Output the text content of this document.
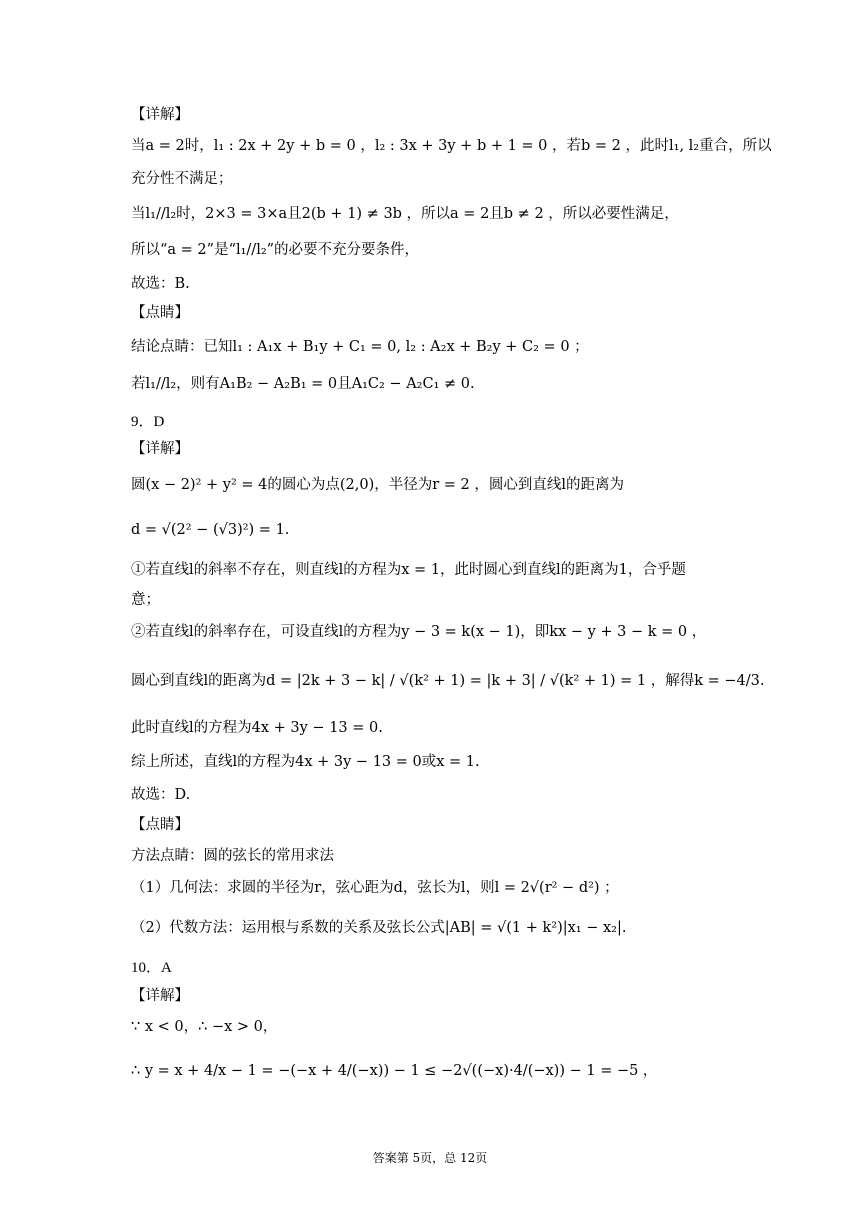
【详解】
当a = 2时，l₁ : 2x + 2y + b = 0 ，l₂ : 3x + 3y + b + 1 = 0 ，若b = 2 ，此时l₁, l₂重合，所以
充分性不满足；
当l₁//l₂时，2×3 = 3×a且2(b + 1) ≠ 3b ，所以a = 2且b ≠ 2 ，所以必要性满足，
所以“a = 2”是“l₁//l₂”的必要不充分要条件，
故选：B.
【点睛】
结论点睛：已知l₁ : A₁x + B₁y + C₁ = 0, l₂ : A₂x + B₂y + C₂ = 0 ；
若l₁//l₂，则有A₁B₂ − A₂B₁ = 0且A₁C₂ − A₂C₁ ≠ 0.
9．D
【详解】
圆(x − 2)² + y² = 4的圆心为点(2,0)，半径为r = 2 ，圆心到直线l的距离为
d = √(2² − (√3)²) = 1.
①若直线l的斜率不存在，则直线l的方程为x = 1，此时圆心到直线l的距离为1，合乎题
意；
②若直线l的斜率存在，可设直线l的方程为y − 3 = k(x − 1)，即kx − y + 3 − k = 0 ，
圆心到直线l的距离为d = |2k + 3 − k| / √(k² + 1) = |k + 3| / √(k² + 1) = 1 ，解得k = −4/3.
此时直线l的方程为4x + 3y − 13 = 0.
综上所述，直线l的方程为4x + 3y − 13 = 0或x = 1.
故选：D.
【点睛】
方法点睛：圆的弦长的常用求法
（1）几何法：求圆的半径为r，弦心距为d，弦长为l，则l = 2√(r² − d²) ；
（2）代数方法：运用根与系数的关系及弦长公式|AB| = √(1 + k²)|x₁ − x₂|.
10．A
【详解】
∵ x < 0，∴ −x > 0，
∴ y = x + 4/x − 1 = −(−x + 4/(−x)) − 1 ≤ −2√((−x)·4/(−x)) − 1 = −5 ，
答案第 5页，总 12页
